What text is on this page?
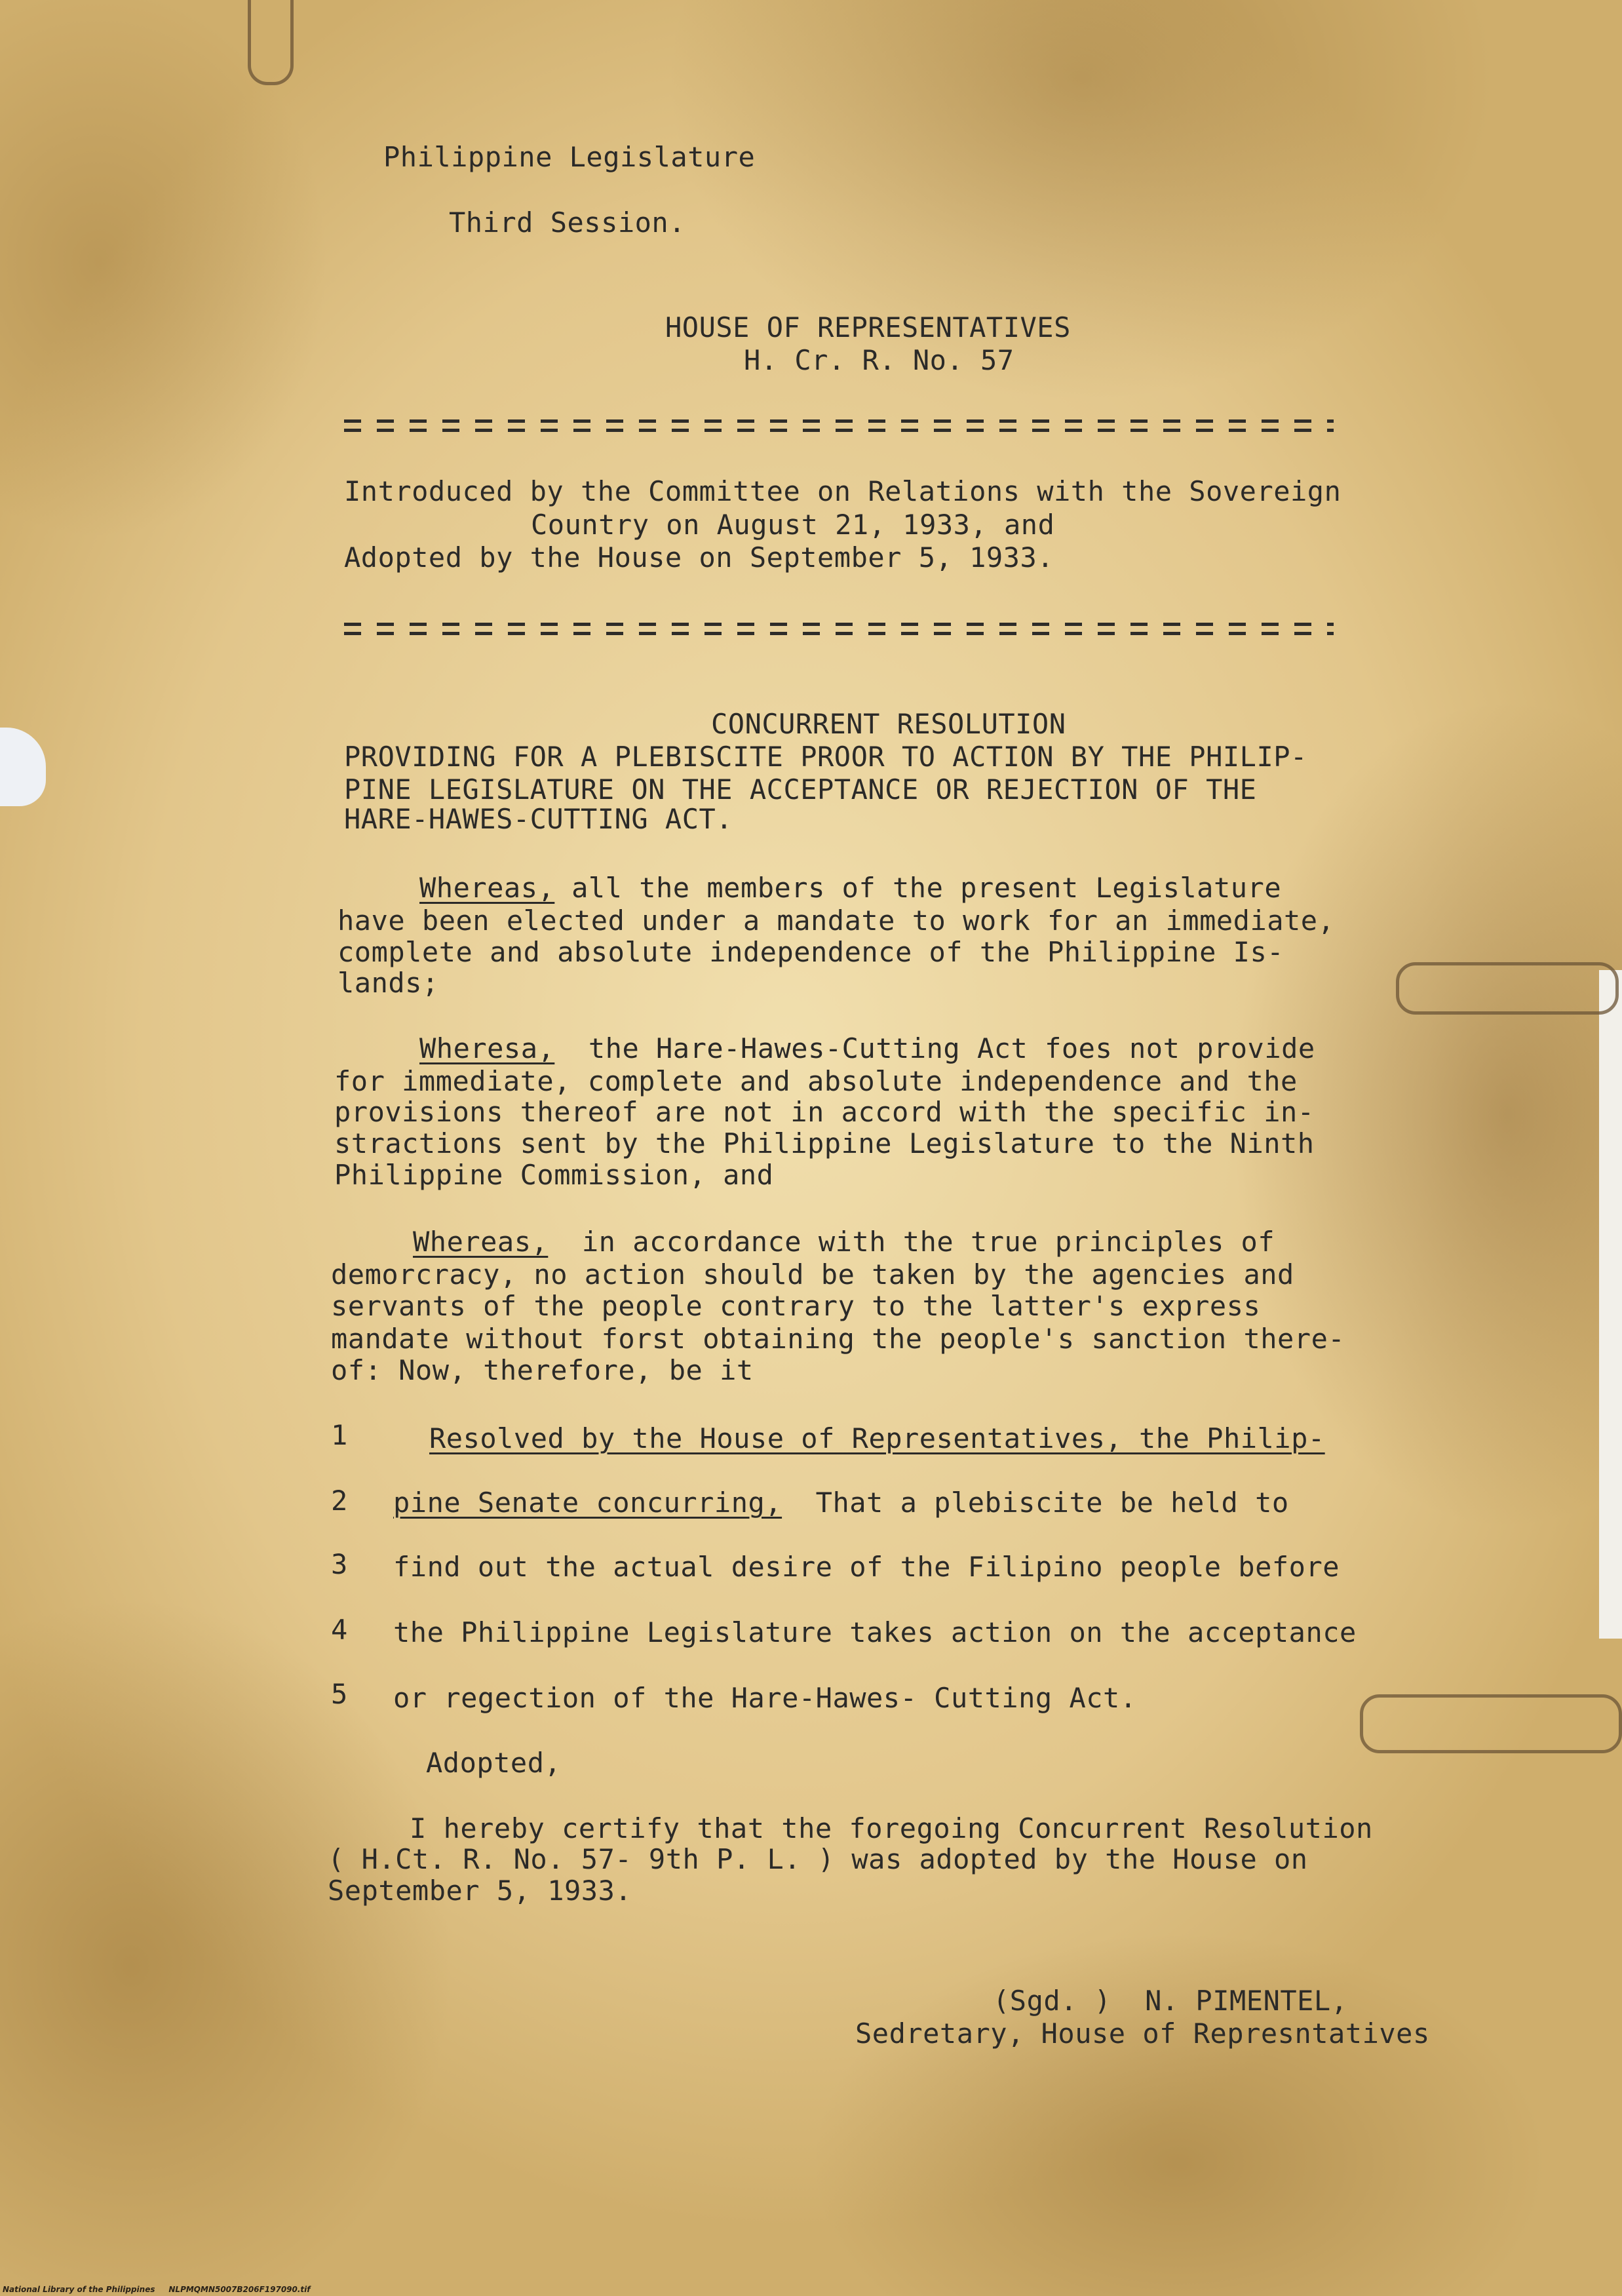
Philippine Legislature
Third Session.
HOUSE OF REPRESENTATIVES
H. Cr. R. No. 57
Introduced by the Committee on Relations with the Sovereign
Country on August 21, 1933, and
Adopted by the House on September 5, 1933.
CONCURRENT RESOLUTION
PROVIDING FOR A PLEBISCITE PROOR TO ACTION BY THE PHILIP-
PINE LEGISLATURE ON THE ACCEPTANCE OR REJECTION OF THE
HARE-HAWES-CUTTING ACT.
Whereas, all the members of the present Legislature
have been elected under a mandate to work for an immediate,
complete and absolute independence of the Philippine Is-
lands;
Wheresa,  the Hare-Hawes-Cutting Act foes not provide
for immediate, complete and absolute independence and the
provisions thereof are not in accord with the specific in-
stractions sent by the Philippine Legislature to the Ninth
Philippine Commission, and
Whereas,  in accordance with the true principles of
demorcracy, no action should be taken by the agencies and
servants of the people contrary to the latter's express
mandate without forst obtaining the people's sanction there-
of: Now, therefore, be it
1
2
3
4
5
Resolved by the House of Representatives, the Philip-
pine Senate concurring,  That a plebiscite be held to
find out the actual desire of the Filipino people before
the Philippine Legislature takes action on the acceptance
or regection of the Hare-Hawes- Cutting Act.
Adopted,
I hereby certify that the foregoing Concurrent Resolution
( H.Ct. R. No. 57- 9th P. L. ) was adopted by the House on
September 5, 1933.
(Sgd. )  N. PIMENTEL,
Sedretary, House of Represntatives
National Library of the Philippines NLPMQMN5007B206F197090.tif
